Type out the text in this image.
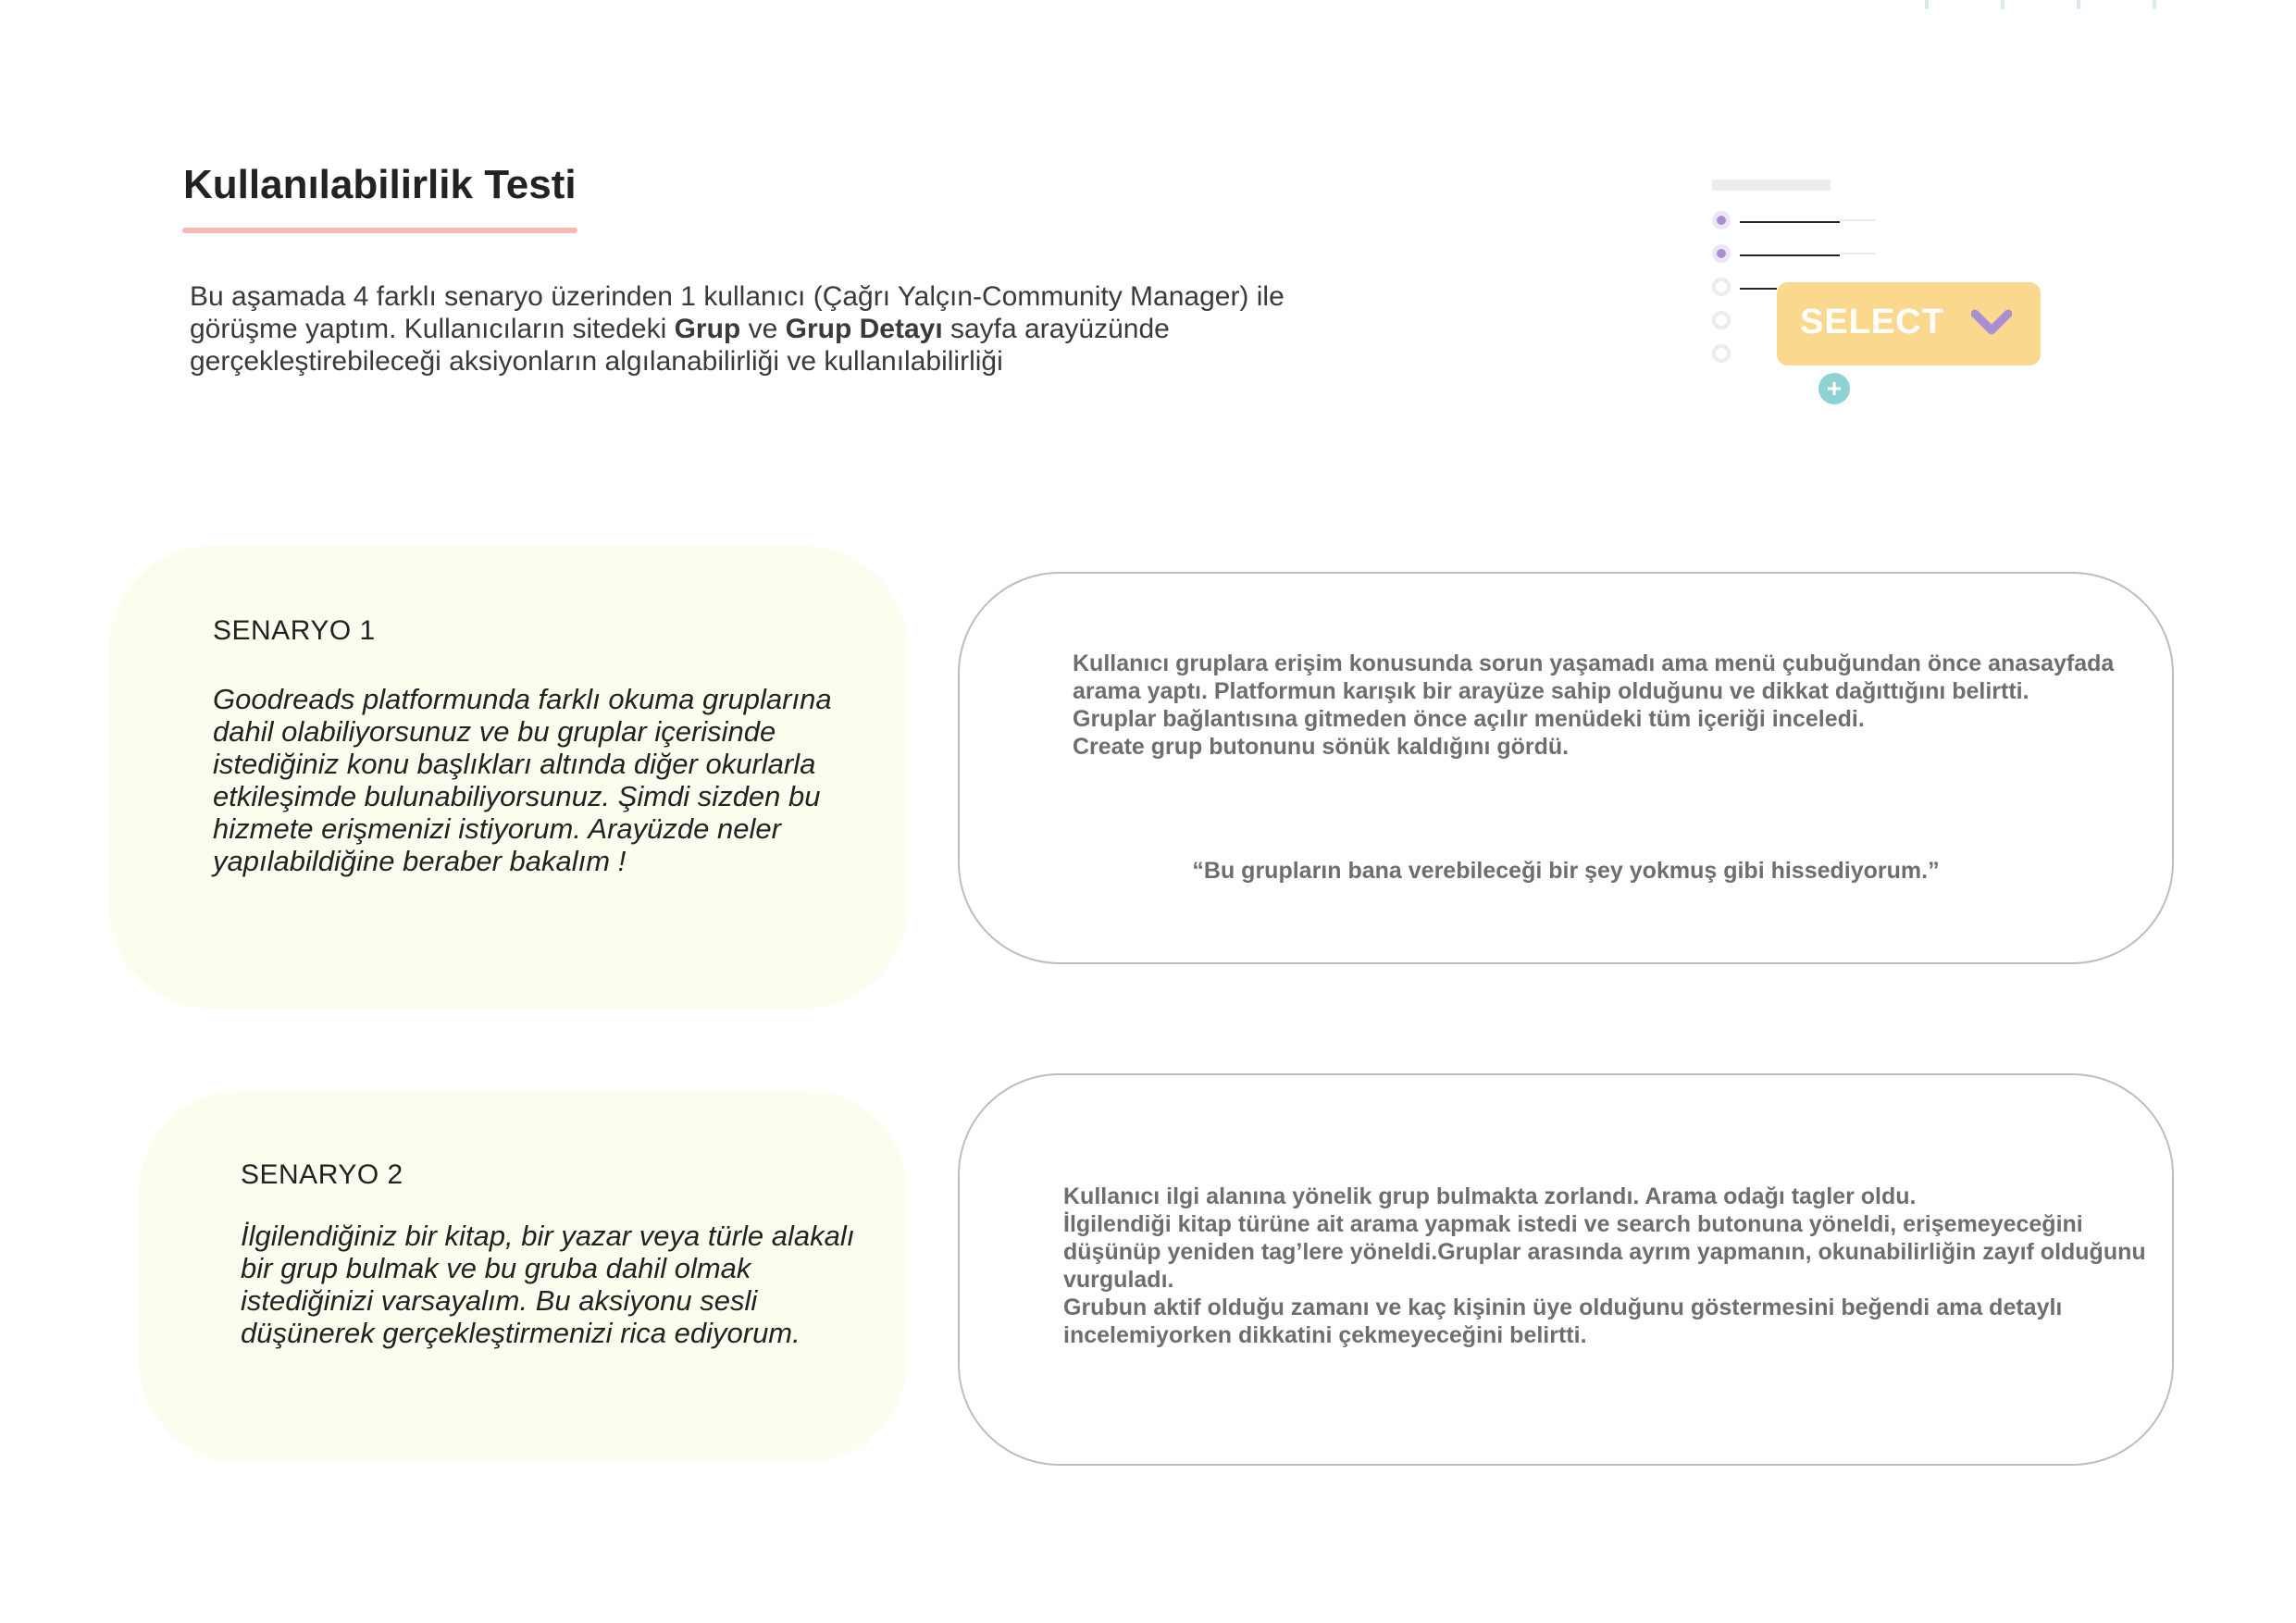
Kullanılabilirlik Testi
Bu aşamada 4 farklı senaryo üzerinden 1 kullanıcı (Çağrı Yalçın-Community Manager) ile görüşme yaptım. Kullanıcıların sitedeki Grup ve Grup Detayı sayfa arayüzünde gerçekleştirebileceği aksiyonların algılanabilirliği ve kullanılabilirliği
SELECT
+
SENARYO 1
Goodreads platformunda farklı okuma gruplarına dahil olabiliyorsunuz ve bu gruplar içerisinde istediğiniz konu başlıkları altında diğer okurlarla etkileşimde bulunabiliyorsunuz. Şimdi sizden bu hizmete erişmenizi istiyorum. Arayüzde neler yapılabildiğine beraber bakalım !
Kullanıcı gruplara erişim konusunda sorun yaşamadı ama menü çubuğundan önce anasayfada arama yaptı. Platformun karışık bir arayüze sahip olduğunu ve dikkat dağıttığını belirtti.
Gruplar bağlantısına gitmeden önce açılır menüdeki tüm içeriği inceledi.
Create grup butonunu sönük kaldığını gördü.
“Bu grupların bana verebileceği bir şey yokmuş gibi hissediyorum.”
SENARYO 2
İlgilendiğiniz bir kitap, bir yazar veya türle alakalı bir grup bulmak ve bu gruba dahil olmak istediğinizi varsayalım. Bu aksiyonu sesli düşünerek gerçekleştirmenizi rica ediyorum.
Kullanıcı ilgi alanına yönelik grup bulmakta zorlandı. Arama odağı tagler oldu.
İlgilendiği kitap türüne ait arama yapmak istedi ve search butonuna yöneldi, erişemeyeceğini düşünüp yeniden tag’lere yöneldi.Gruplar arasında ayrım yapmanın, okunabilirliğin zayıf olduğunu vurguladı.
Grubun aktif olduğu zamanı ve kaç kişinin üye olduğunu göstermesini beğendi ama detaylı incelemiyorken dikkatini çekmeyeceğini belirtti.
